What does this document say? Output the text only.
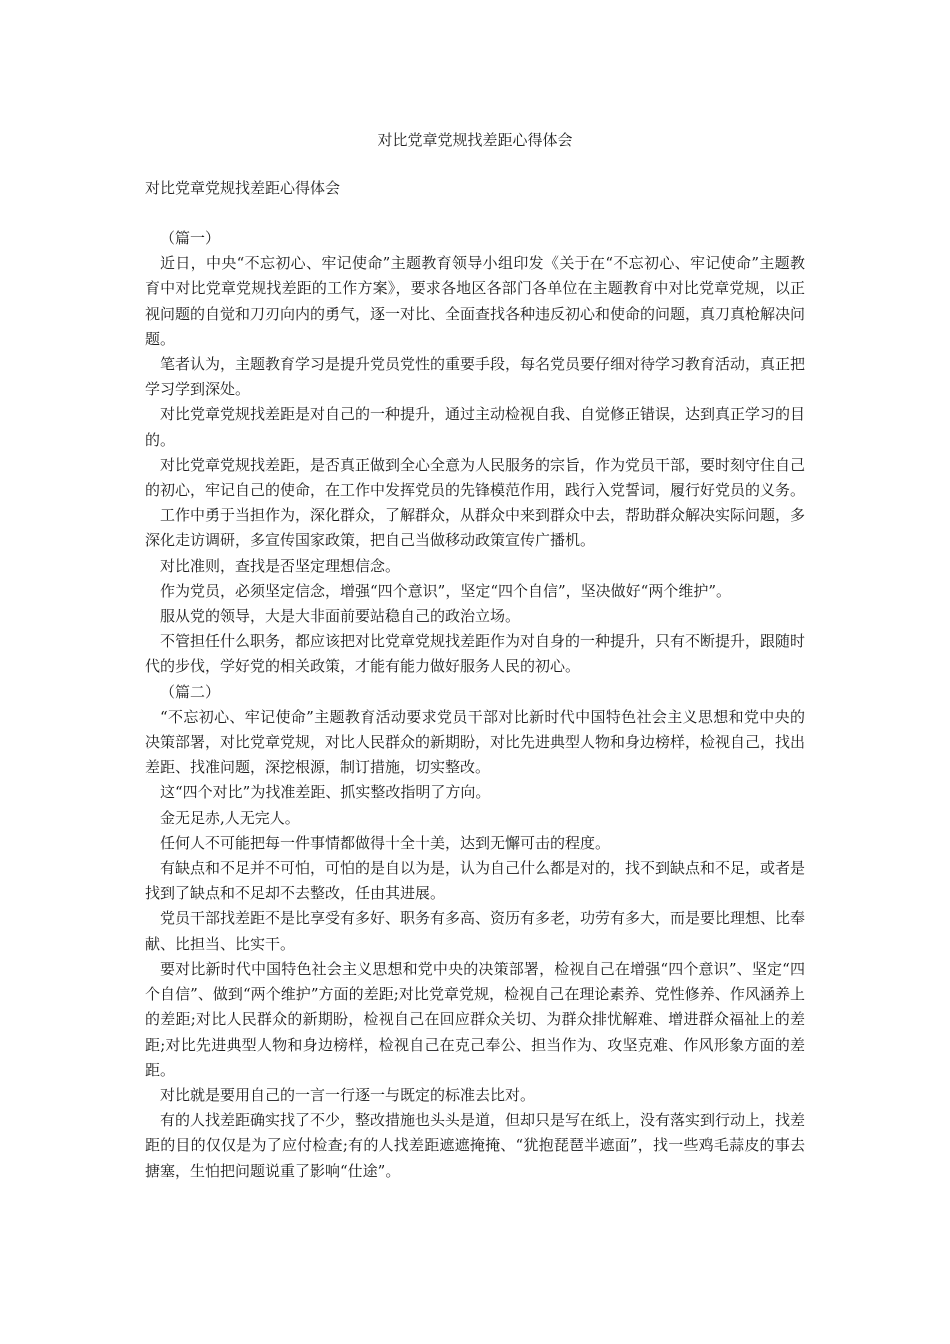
对比党章党规找差距心得体会
对比党章党规找差距心得体会

（篇一）

近日，中央“不忘初心、牢记使命”主题教育领导小组印发《关于在“不忘初心、牢记使命”主题教育中对比党章党规找差距的工作方案》，要求各地区各部门各单位在主题教育中对比党章党规，以正视问题的自觉和刀刃向内的勇气，逐一对比、全面查找各种违反初心和使命的问题，真刀真枪解决问题。

笔者认为，主题教育学习是提升党员党性的重要手段，每名党员要仔细对待学习教育活动，真正把学习学到深处。

对比党章党规找差距是对自己的一种提升，通过主动检视自我、自觉修正错误，达到真正学习的目的。

对比党章党规找差距，是否真正做到全心全意为人民服务的宗旨，作为党员干部，要时刻守住自己的初心，牢记自己的使命，在工作中发挥党员的先锋模范作用，践行入党誓词，履行好党员的义务。

工作中勇于当担作为，深化群众，了解群众，从群众中来到群众中去，帮助群众解决实际问题，多深化走访调研，多宣传国家政策，把自己当做移动政策宣传广播机。

对比准则，查找是否坚定理想信念。

作为党员，必须坚定信念，增强“四个意识”，坚定“四个自信”，坚决做好“两个维护”。

服从党的领导，大是大非面前要站稳自己的政治立场。

不管担任什么职务，都应该把对比党章党规找差距作为对自身的一种提升，只有不断提升，跟随时代的步伐，学好党的相关政策，才能有能力做好服务人民的初心。

（篇二）

“不忘初心、牢记使命”主题教育活动要求党员干部对比新时代中国特色社会主义思想和党中央的决策部署，对比党章党规，对比人民群众的新期盼，对比先进典型人物和身边榜样，检视自己，找出差距、找准问题，深挖根源，制订措施，切实整改。

这“四个对比”为找准差距、抓实整改指明了方向。

金无足赤,人无完人。

任何人不可能把每一件事情都做得十全十美，达到无懈可击的程度。

有缺点和不足并不可怕，可怕的是自以为是，认为自己什么都是对的，找不到缺点和不足，或者是找到了缺点和不足却不去整改，任由其进展。

党员干部找差距不是比享受有多好、职务有多高、资历有多老，功劳有多大，而是要比理想、比奉献、比担当、比实干。

要对比新时代中国特色社会主义思想和党中央的决策部署，检视自己在增强“四个意识”、坚定“四个自信”、做到“两个维护”方面的差距;对比党章党规，检视自己在理论素养、党性修养、作风涵养上的差距;对比人民群众的新期盼，检视自己在回应群众关切、为群众排忧解难、增进群众福祉上的差距;对比先进典型人物和身边榜样，检视自己在克己奉公、担当作为、攻坚克难、作风形象方面的差距。

对比就是要用自己的一言一行逐一与既定的标准去比对。

有的人找差距确实找了不少，整改措施也头头是道，但却只是写在纸上，没有落实到行动上，找差距的目的仅仅是为了应付检查;有的人找差距遮遮掩掩、“犹抱琵琶半遮面”，找一些鸡毛蒜皮的事去搪塞，生怕把问题说重了影响“仕途”。
